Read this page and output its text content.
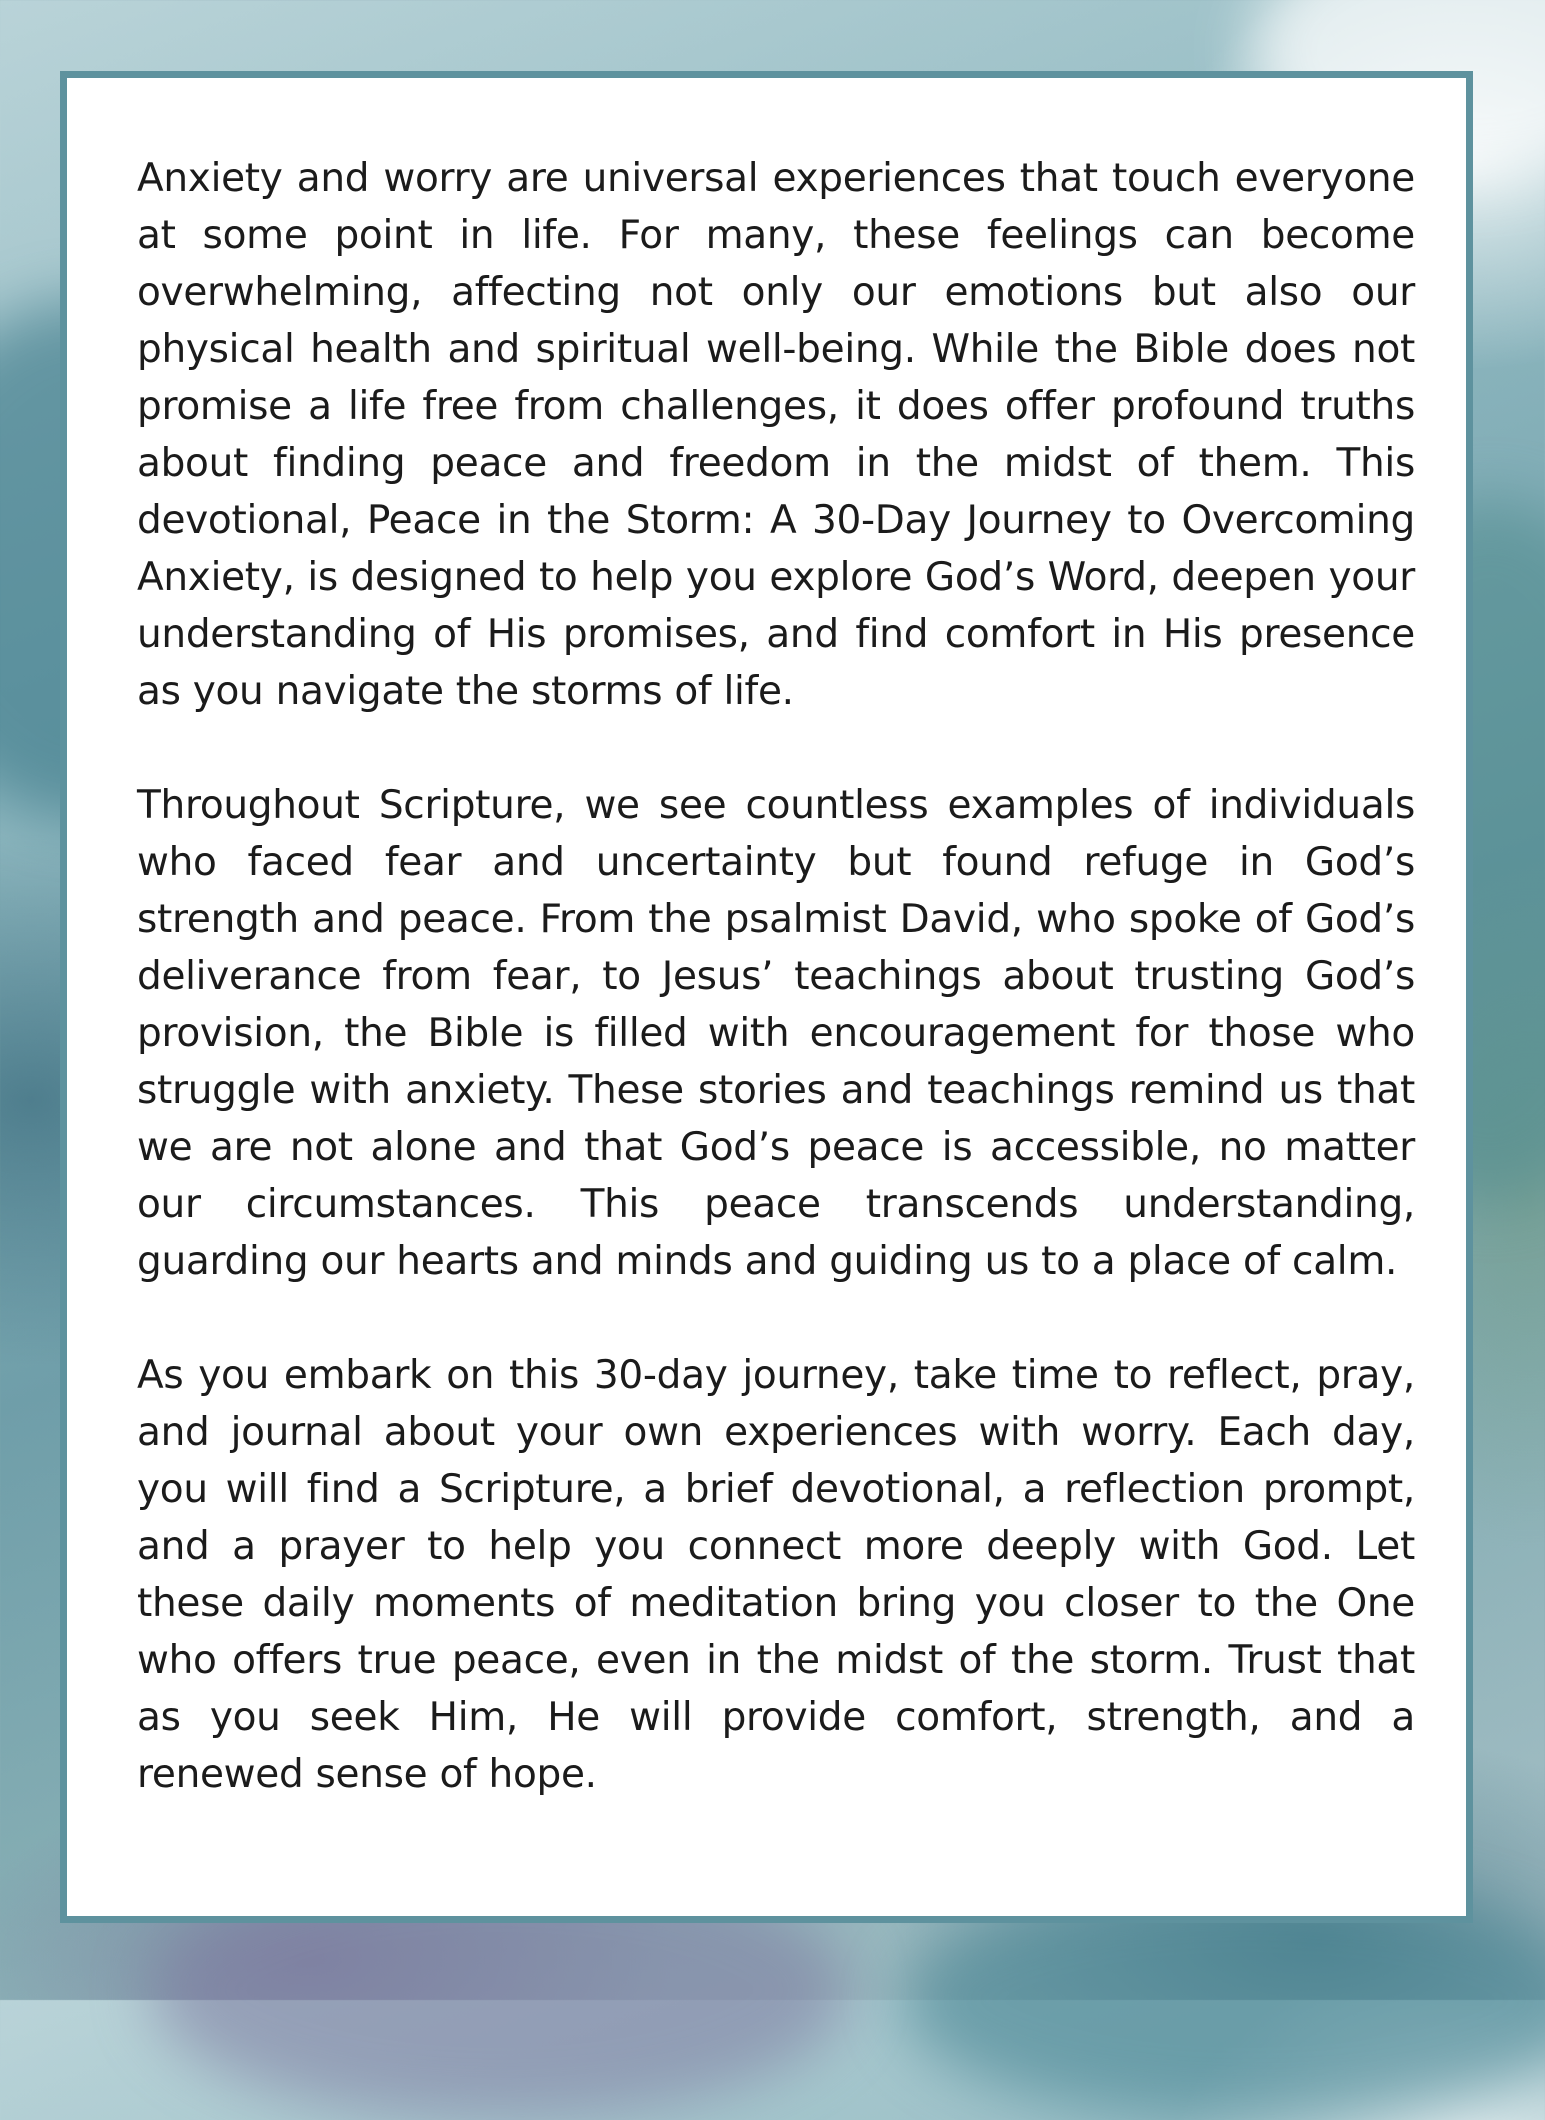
Anxiety and worry are universal experiences that touch everyone at some point in life. For many, these feelings can become overwhelming, affecting not only our emotions but also our physical health and spiritual well-being. While the Bible does not promise a life free from challenges, it does offer profound truths about finding peace and freedom in the midst of them. This devotional, Peace in the Storm: A 30-Day Journey to Overcoming Anxiety, is designed to help you explore God’s Word, deepen your understanding of His promises, and find comfort in His presence as you navigate the storms of life.

Throughout Scripture, we see countless examples of individuals who faced fear and uncertainty but found refuge in God’s strength and peace. From the psalmist David, who spoke of God’s deliverance from fear, to Jesus’ teachings about trusting God’s provision, the Bible is filled with encouragement for those who struggle with anxiety. These stories and teachings remind us that we are not alone and that God’s peace is accessible, no matter our circumstances. This peace transcends understanding, guarding our hearts and minds and guiding us to a place of calm.

As you embark on this 30-day journey, take time to reflect, pray, and journal about your own experiences with worry. Each day, you will find a Scripture, a brief devotional, a reflection prompt, and a prayer to help you connect more deeply with God. Let these daily moments of meditation bring you closer to the One who offers true peace, even in the midst of the storm. Trust that as you seek Him, He will provide comfort, strength, and a renewed sense of hope.
